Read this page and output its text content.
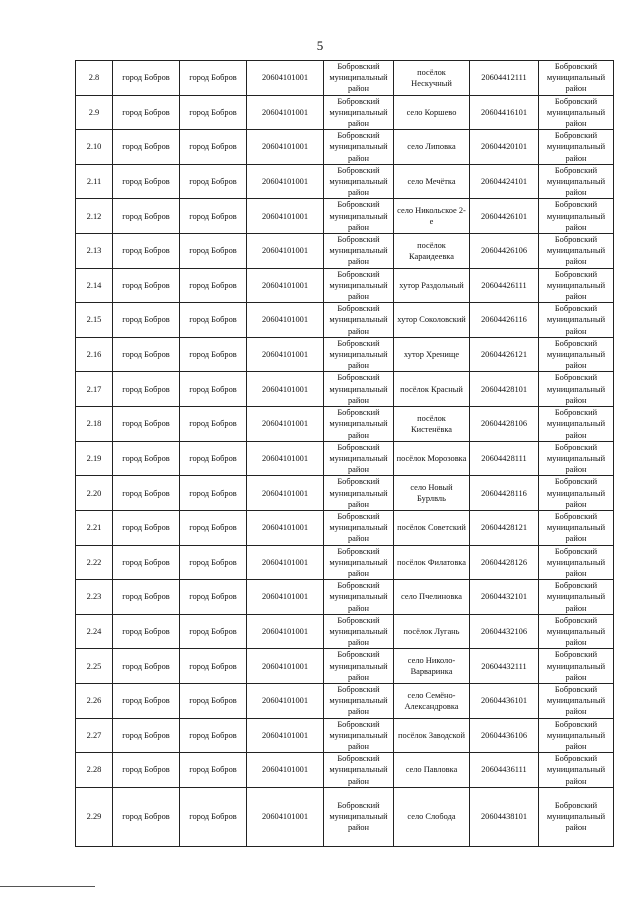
5
2.8	город Бобров	город Бобров	20604101001	Бобровский муниципальный район	посёлок Нескучный	20604412111	Бобровский муниципальный район
2.9	город Бобров	город Бобров	20604101001	Бобровский муниципальный район	село Коршево	20604416101	Бобровский муниципальный район
2.10	город Бобров	город Бобров	20604101001	Бобровский муниципальный район	село Липовка	20604420101	Бобровский муниципальный район
2.11	город Бобров	город Бобров	20604101001	Бобровский муниципальный район	село Мечётка	20604424101	Бобровский муниципальный район
2.12	город Бобров	город Бобров	20604101001	Бобровский муниципальный район	село Никольское 2-е	20604426101	Бобровский муниципальный район
2.13	город Бобров	город Бобров	20604101001	Бобровский муниципальный район	посёлок Караидеевка	20604426106	Бобровский муниципальный район
2.14	город Бобров	город Бобров	20604101001	Бобровский муниципальный район	хутор Раздольный	20604426111	Бобровский муниципальный район
2.15	город Бобров	город Бобров	20604101001	Бобровский муниципальный район	хутор Соколовский	20604426116	Бобровский муниципальный район
2.16	город Бобров	город Бобров	20604101001	Бобровский муниципальный район	хутор Хренище	20604426121	Бобровский муниципальный район
2.17	город Бобров	город Бобров	20604101001	Бобровский муниципальный район	посёлок Красный	20604428101	Бобровский муниципальный район
2.18	город Бобров	город Бобров	20604101001	Бобровский муниципальный район	посёлок Кистенёвка	20604428106	Бобровский муниципальный район
2.19	город Бобров	город Бобров	20604101001	Бобровский муниципальный район	посёлок Морозовка	20604428111	Бобровский муниципальный район
2.20	город Бобров	город Бобров	20604101001	Бобровский муниципальный район	село Новый Бурлвль	20604428116	Бобровский муниципальный район
2.21	город Бобров	город Бобров	20604101001	Бобровский муниципальный район	посёлок Советский	20604428121	Бобровский муниципальный район
2.22	город Бобров	город Бобров	20604101001	Бобровский муниципальный район	посёлок Филатовка	20604428126	Бобровский муниципальный район
2.23	город Бобров	город Бобров	20604101001	Бобровский муниципальный район	село Пчелиновка	20604432101	Бобровский муниципальный район
2.24	город Бобров	город Бобров	20604101001	Бобровский муниципальный район	посёлок Лугань	20604432106	Бобровский муниципальный район
2.25	город Бобров	город Бобров	20604101001	Бобровский муниципальный район	село Николо-Варваринка	20604432111	Бобровский муниципальный район
2.26	город Бобров	город Бобров	20604101001	Бобровский муниципальный район	село Семёно-Александровка	20604436101	Бобровский муниципальный район
2.27	город Бобров	город Бобров	20604101001	Бобровский муниципальный район	посёлок Заводской	20604436106	Бобровский муниципальный район
2.28	город Бобров	город Бобров	20604101001	Бобровский муниципальный район	село Павловка	20604436111	Бобровский муниципальный район
2.29	город Бобров	город Бобров	20604101001	Бобровский муниципальный район	село Слобода	20604438101	Бобровский муниципальный район
